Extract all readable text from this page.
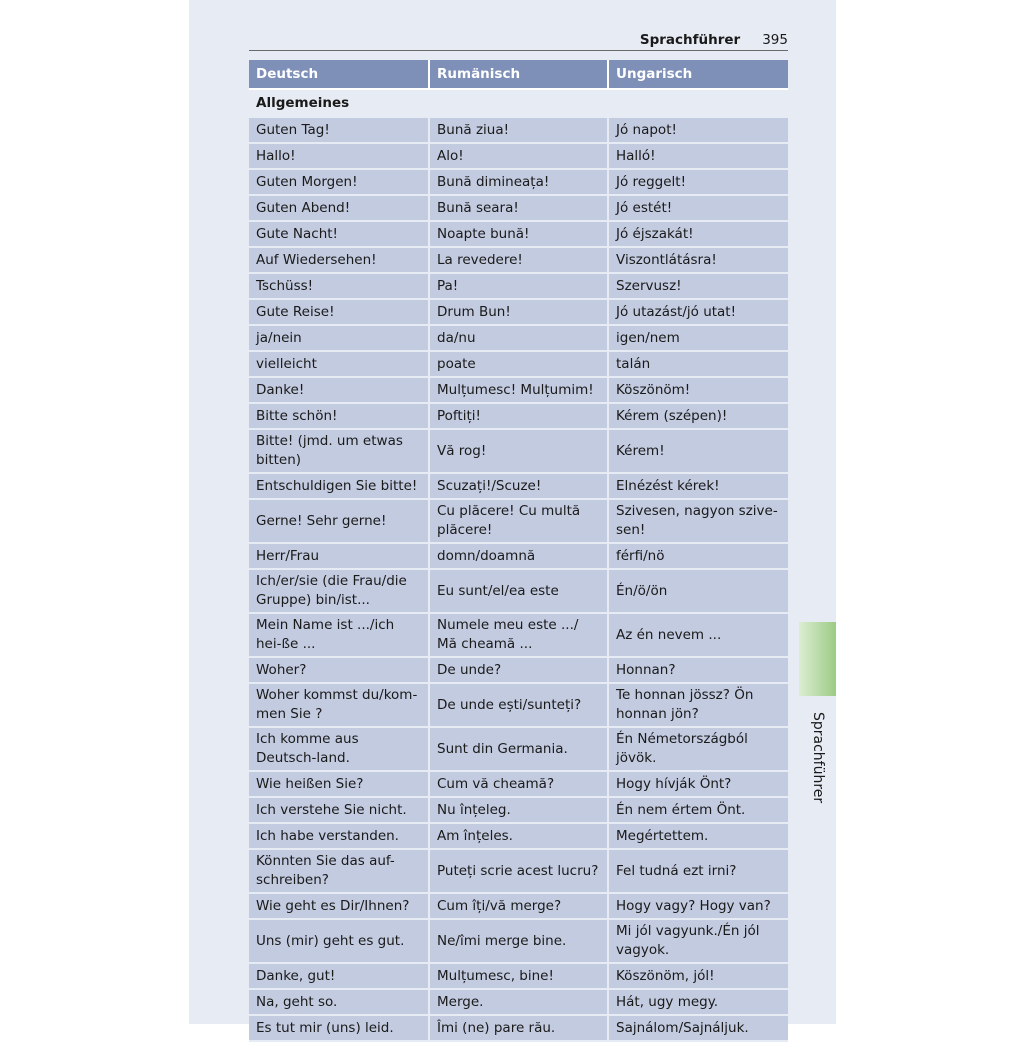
Sprachführer 395
Deutsch	Rumänisch	Ungarisch
Allgemeines		
Guten Tag!	Bună ziua!	Jó napot!
Hallo!	Alo!	Halló!
Guten Morgen!	Bună dimineața!	Jó reggelt!
Guten Abend!	Bună seara!	Jó estét!
Gute Nacht!	Noapte bună!	Jó éjszakát!
Auf Wiedersehen!	La revedere!	Viszontlátásra!
Tschüss!	Pa!	Szervusz!
Gute Reise!	Drum Bun!	Jó utazást/jó utat!
ja/nein	da/nu	igen/nem
vielleicht	poate	talán
Danke!	Mulțumesc! Mulțumim!	Köszönöm!
Bitte schön!	Poftiți!	Kérem (szépen)!
Bitte! (jmd. um etwas bitten)	Vă rog!	Kérem!
Entschuldigen Sie bitte!	Scuzați!/Scuze!	Elnézést kérek!
Gerne! Sehr gerne!	Cu plăcere! Cu multă plăcere!	Szivesen, nagyon szive-sen!
Herr/Frau	domn/doamnă	férfi/nö
Ich/er/sie (die Frau/die Gruppe) bin/ist...	Eu sunt/el/ea este	Én/ö/ön
Mein Name ist .../ich hei-ße ...	Numele meu este .../ Mă cheamă ...	Az én nevem ...
Woher?	De unde?	Honnan?
Woher kommst du/kom-men Sie ?	De unde ești/sunteți?	Te honnan jössz? Ön honnan jön?
Ich komme aus Deutsch-land.	Sunt din Germania.	Én Németországból jövök.
Wie heißen Sie?	Cum vă cheamă?	Hogy hívják Önt?
Ich verstehe Sie nicht.	Nu înțeleg.	Én nem értem Önt.
Ich habe verstanden.	Am înțeles.	Megértettem.
Könnten Sie das auf-schreiben?	Puteți scrie acest lucru?	Fel tudná ezt irni?
Wie geht es Dir/Ihnen?	Cum îți/vă merge?	Hogy vagy? Hogy van?
Uns (mir) geht es gut.	Ne/îmi merge bine.	Mi jól vagyunk./Én jól vagyok.
Danke, gut!	Mulțumesc, bine!	Köszönöm, jól!
Na, geht so.	Merge.	Hát, ugy megy.
Es tut mir (uns) leid.	Îmi (ne) pare rău.	Sajnálom/Sajnáljuk.
Sprachführer
